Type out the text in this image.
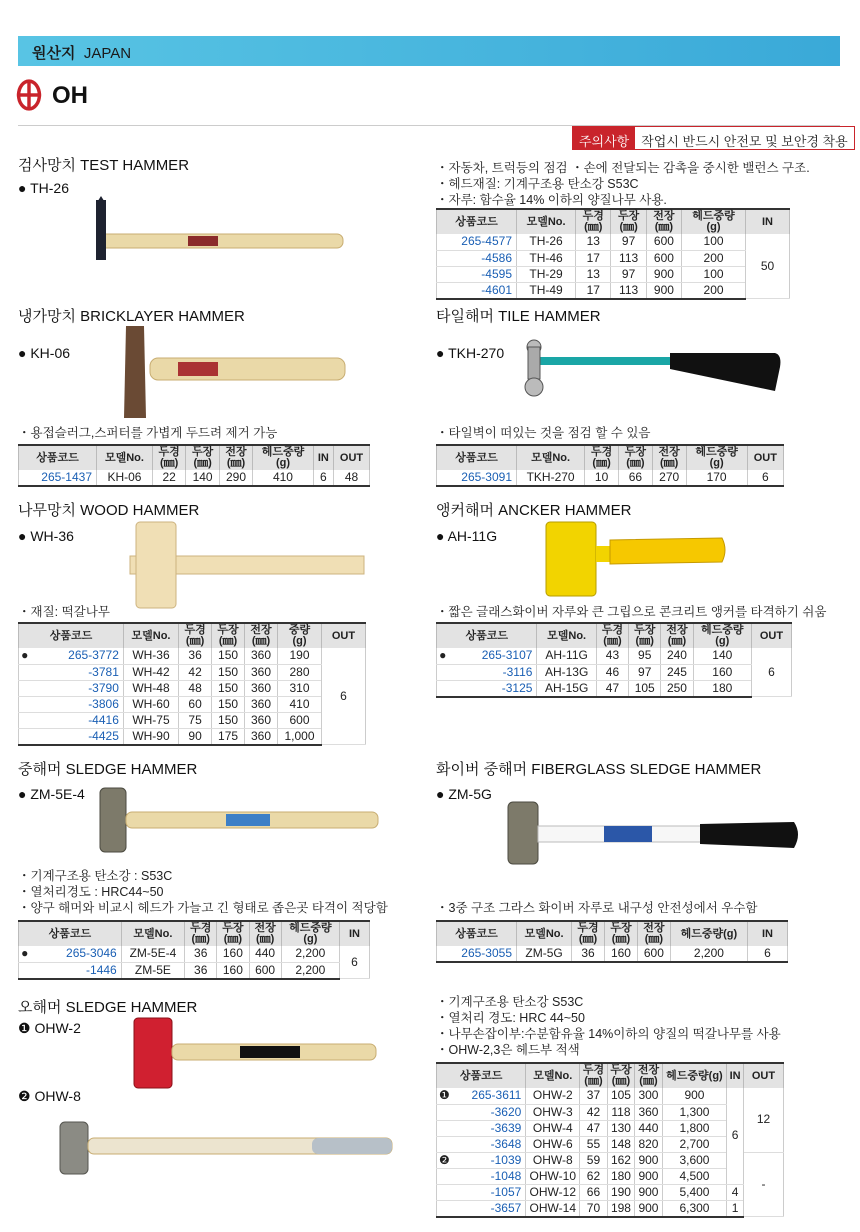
원산지 JAPAN
OH
주의사항 작업시 반드시 안전모 및 보안경 착용
검사망치 TEST HAMMER
● TH-26
・자동차, 트럭등의 점검 ・손에 전달되는 감촉을 중시한 밸런스 구조.
・헤드재질: 기계구조용 탄소강 S53C
・자루: 함수율 14% 이하의 양질나무 사용.
상품코드	모델No.	두경
(㎜)	두장
(㎜)	전장
(㎜)	헤드중량
(g)	IN
265-4577	TH-26	13	97	600	100	50
-4586	TH-46	17	113	600	200	
-4595	TH-29	13	97	900	100	
-4601	TH-49	17	113	900	200	
냉가망치 BRICKLAYER HAMMER
● KH-06
・용접슬러그,스퍼터를 가볍게 두드려 제거 가능
상품코드	모델No.	두경
(㎜)	두장
(㎜)	전장
(㎜)	헤드중량
(g)	IN	OUT
265-1437	KH-06	22	140	290	410	6	48
타일해머 TILE HAMMER
● TKH-270
・타일벽이 떠있는 것을 점검 할 수 있음
상품코드	모델No.	두경
(㎜)	두장
(㎜)	전장
(㎜)	헤드중량
(g)	OUT
265-3091	TKH-270	10	66	270	170	6
나무망치 WOOD HAMMER
● WH-36
・재질: 떡갈나무
상품코드		모델No.	두경
(㎜)	두장
(㎜)	전장
(㎜)	중량
(g)	OUT
●	265-3772	WH-36	36	150	360	190	6
	-3781	WH-42	42	150	360	280	
	-3790	WH-48	48	150	360	310	
	-3806	WH-60	60	150	360	410	
	-4416	WH-75	75	150	360	600	
	-4425	WH-90	90	175	360	1,000	
앵커해머 ANCKER HAMMER
● AH-11G
・짧은 글래스화이버 자루와 큰 그립으로 콘크리트 앵커를 타격하기 쉬움
상품코드		모델No.	두경
(㎜)	두장
(㎜)	전장
(㎜)	헤드중량
(g)	OUT
●	265-3107	AH-11G	43	95	240	140	6
	-3116	AH-13G	46	97	245	160	
	-3125	AH-15G	47	105	250	180	
중해머 SLEDGE HAMMER
● ZM-5E-4
・기계구조용 탄소강 : S53C
・열처리경도 : HRC44~50
・양구 해머와 비교시 헤드가 가늘고 긴 형태로 좁은곳 타격이 적당함
상품코드		모델No.	두경
(㎜)	두장
(㎜)	전장
(㎜)	헤드중량
(g)	IN
●	265-3046	ZM-5E-4	36	160	440	2,200	6
	-1446	ZM-5E	36	160	600	2,200	
화이버 중해머 FIBERGLASS SLEDGE HAMMER
● ZM-5G
・3중 구조 그라스 화이버 자루로 내구성 안전성에서 우수함
상품코드	모델No.	두경
(㎜)	두장
(㎜)	전장
(㎜)	헤드중량(g)	IN
265-3055	ZM-5G	36	160	600	2,200	6
오해머 SLEDGE HAMMER
❶ OHW-2
❷ OHW-8
・기계구조용 탄소강 S53C
・열처리 경도: HRC 44~50
・나무손잡이부:수분함유율 14%이하의 양질의 떡갈나무를 사용
・OHW-2,3은 헤드부 적색
상품코드		모델No.	두경
(㎜)	두장
(㎜)	전장
(㎜)	헤드중량(g)	IN	OUT
❶	265-3611	OHW-2	37	105	300	900	6	12
	-3620	OHW-3	42	118	360	1,300		
	-3639	OHW-4	47	130	440	1,800		
	-3648	OHW-6	55	148	820	2,700		
❷	-1039	OHW-8	59	162	900	3,600		-
	-1048	OHW-10	62	180	900	4,500		
	-1057	OHW-12	66	190	900	5,400	4	
	-3657	OHW-14	70	198	900	6,300	1	
